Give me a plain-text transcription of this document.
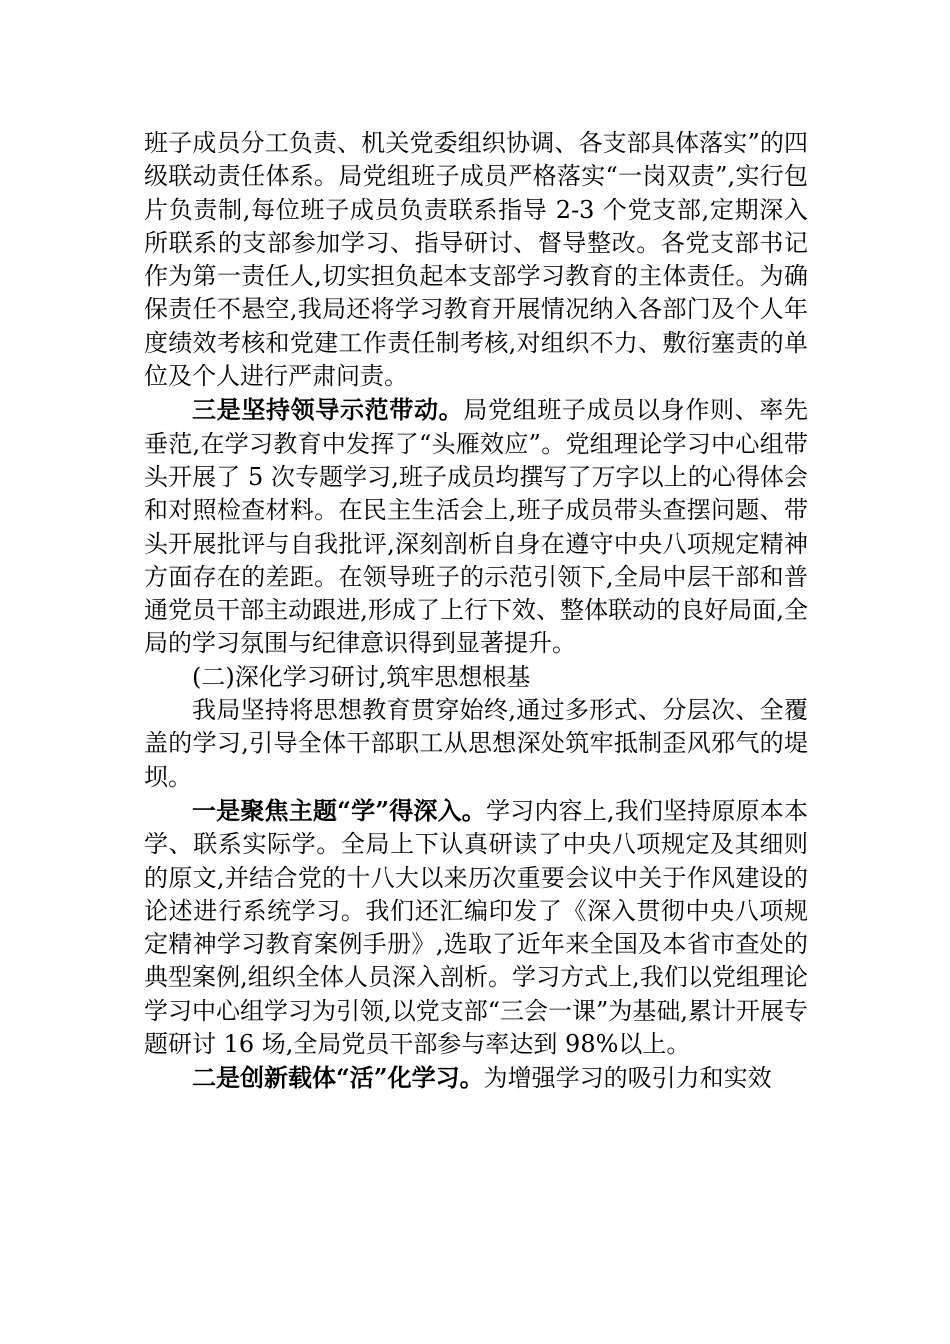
班子成员分工负责、机关党委组织协调、各支部具体落实”的四级联动责任体系。局党组班子成员严格落实“一岗双责”,实行包片负责制,每位班子成员负责联系指导 2-3 个党支部,定期深入所联系的支部参加学习、指导研讨、督导整改。各党支部书记作为第一责任人,切实担负起本支部学习教育的主体责任。为确保责任不悬空,我局还将学习教育开展情况纳入各部门及个人年度绩效考核和党建工作责任制考核,对组织不力、敷衍塞责的单位及个人进行严肃问责。

三是坚持领导示范带动。局党组班子成员以身作则、率先垂范,在学习教育中发挥了“头雁效应”。党组理论学习中心组带头开展了 5 次专题学习,班子成员均撰写了万字以上的心得体会和对照检查材料。在民主生活会上,班子成员带头查摆问题、带头开展批评与自我批评,深刻剖析自身在遵守中央八项规定精神方面存在的差距。在领导班子的示范引领下,全局中层干部和普通党员干部主动跟进,形成了上行下效、整体联动的良好局面,全局的学习氛围与纪律意识得到显著提升。

(二)深化学习研讨,筑牢思想根基

我局坚持将思想教育贯穿始终,通过多形式、分层次、全覆盖的学习,引导全体干部职工从思想深处筑牢抵制歪风邪气的堤坝。

一是聚焦主题“学”得深入。学习内容上,我们坚持原原本本学、联系实际学。全局上下认真研读了中央八项规定及其细则的原文,并结合党的十八大以来历次重要会议中关于作风建设的论述进行系统学习。我们还汇编印发了《深入贯彻中央八项规定精神学习教育案例手册》,选取了近年来全国及本省市查处的典型案例,组织全体人员深入剖析。学习方式上,我们以党组理论学习中心组学习为引领,以党支部“三会一课”为基础,累计开展专题研讨 16 场,全局党员干部参与率达到 98%以上。

二是创新载体“活”化学习。为增强学习的吸引力和实效
